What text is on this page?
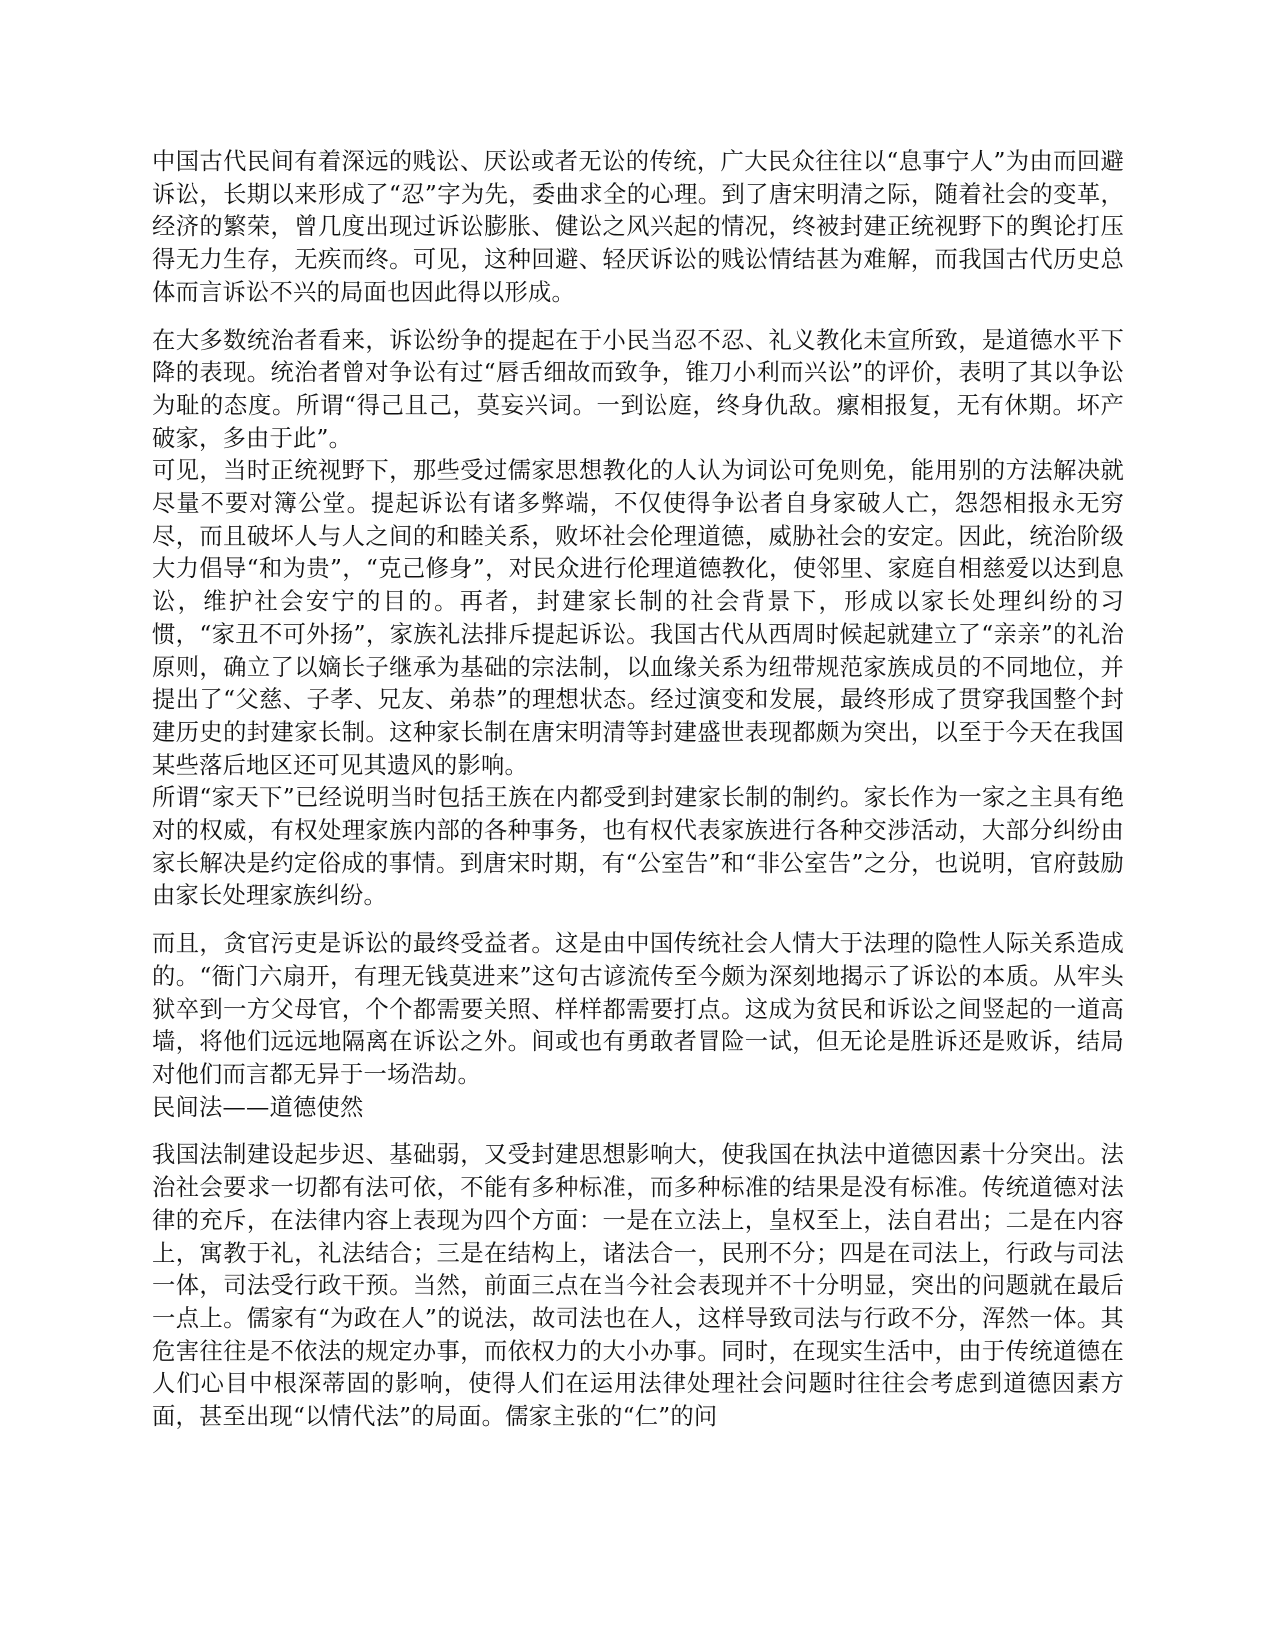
中国古代民间有着深远的贱讼、厌讼或者无讼的传统，广大民众往往以“息事宁人”为由而回避诉讼，长期以来形成了“忍”字为先，委曲求全的心理。到了唐宋明清之际，随着社会的变革，经济的繁荣，曾几度出现过诉讼膨胀、健讼之风兴起的情况，终被封建正统视野下的舆论打压得无力生存，无疾而终。可见，这种回避、轻厌诉讼的贱讼情结甚为难解，而我国古代历史总体而言诉讼不兴的局面也因此得以形成。

在大多数统治者看来，诉讼纷争的提起在于小民当忍不忍、礼义教化未宣所致，是道德水平下降的表现。统治者曾对争讼有过“唇舌细故而致争，锥刀小利而兴讼”的评价，表明了其以争讼为耻的态度。所谓“得己且己，莫妄兴词。一到讼庭，终身仇敌。瘰相报复，无有休期。坏产破家，多由于此”。

可见，当时正统视野下，那些受过儒家思想教化的人认为词讼可免则免，能用别的方法解决就尽量不要对簿公堂。提起诉讼有诸多弊端，不仅使得争讼者自身家破人亡，怨怨相报永无穷尽，而且破坏人与人之间的和睦关系，败坏社会伦理道德，威胁社会的安定。因此，统治阶级大力倡导“和为贵”，“克己修身”，对民众进行伦理道德教化，使邻里、家庭自相慈爱以达到息讼，维护社会安宁的目的。再者，封建家长制的社会背景下，形成以家长处理纠纷的习惯，“家丑不可外扬”，家族礼法排斥提起诉讼。我国古代从西周时候起就建立了“亲亲”的礼治原则，确立了以嫡长子继承为基础的宗法制，以血缘关系为纽带规范家族成员的不同地位，并提出了“父慈、子孝、兄友、弟恭”的理想状态。经过演变和发展，最终形成了贯穿我国整个封建历史的封建家长制。这种家长制在唐宋明清等封建盛世表现都颇为突出，以至于今天在我国某些落后地区还可见其遗风的影响。

所谓“家天下”已经说明当时包括王族在内都受到封建家长制的制约。家长作为一家之主具有绝对的权威，有权处理家族内部的各种事务，也有权代表家族进行各种交涉活动，大部分纠纷由家长解决是约定俗成的事情。到唐宋时期，有“公室告”和“非公室告”之分，也说明，官府鼓励由家长处理家族纠纷。

而且，贪官污吏是诉讼的最终受益者。这是由中国传统社会人情大于法理的隐性人际关系造成的。“衙门六扇开，有理无钱莫进来”这句古谚流传至今颇为深刻地揭示了诉讼的本质。从牢头狱卒到一方父母官，个个都需要关照、样样都需要打点。这成为贫民和诉讼之间竖起的一道高墙，将他们远远地隔离在诉讼之外。间或也有勇敢者冒险一试，但无论是胜诉还是败诉，结局对他们而言都无异于一场浩劫。

民间法——道德使然

我国法制建设起步迟、基础弱，又受封建思想影响大，使我国在执法中道德因素十分突出。法治社会要求一切都有法可依，不能有多种标准，而多种标准的结果是没有标准。传统道德对法律的充斥，在法律内容上表现为四个方面：一是在立法上，皇权至上，法自君出；二是在内容上，寓教于礼，礼法结合；三是在结构上，诸法合一，民刑不分；四是在司法上，行政与司法一体，司法受行政干预。当然，前面三点在当今社会表现并不十分明显，突出的问题就在最后一点上。儒家有“为政在人”的说法，故司法也在人，这样导致司法与行政不分，浑然一体。其危害往往是不依法的规定办事，而依权力的大小办事。同时，在现实生活中，由于传统道德在人们心目中根深蒂固的影响，使得人们在运用法律处理社会问题时往往会考虑到道德因素方面，甚至出现“以情代法”的局面。儒家主张的“仁”的问
